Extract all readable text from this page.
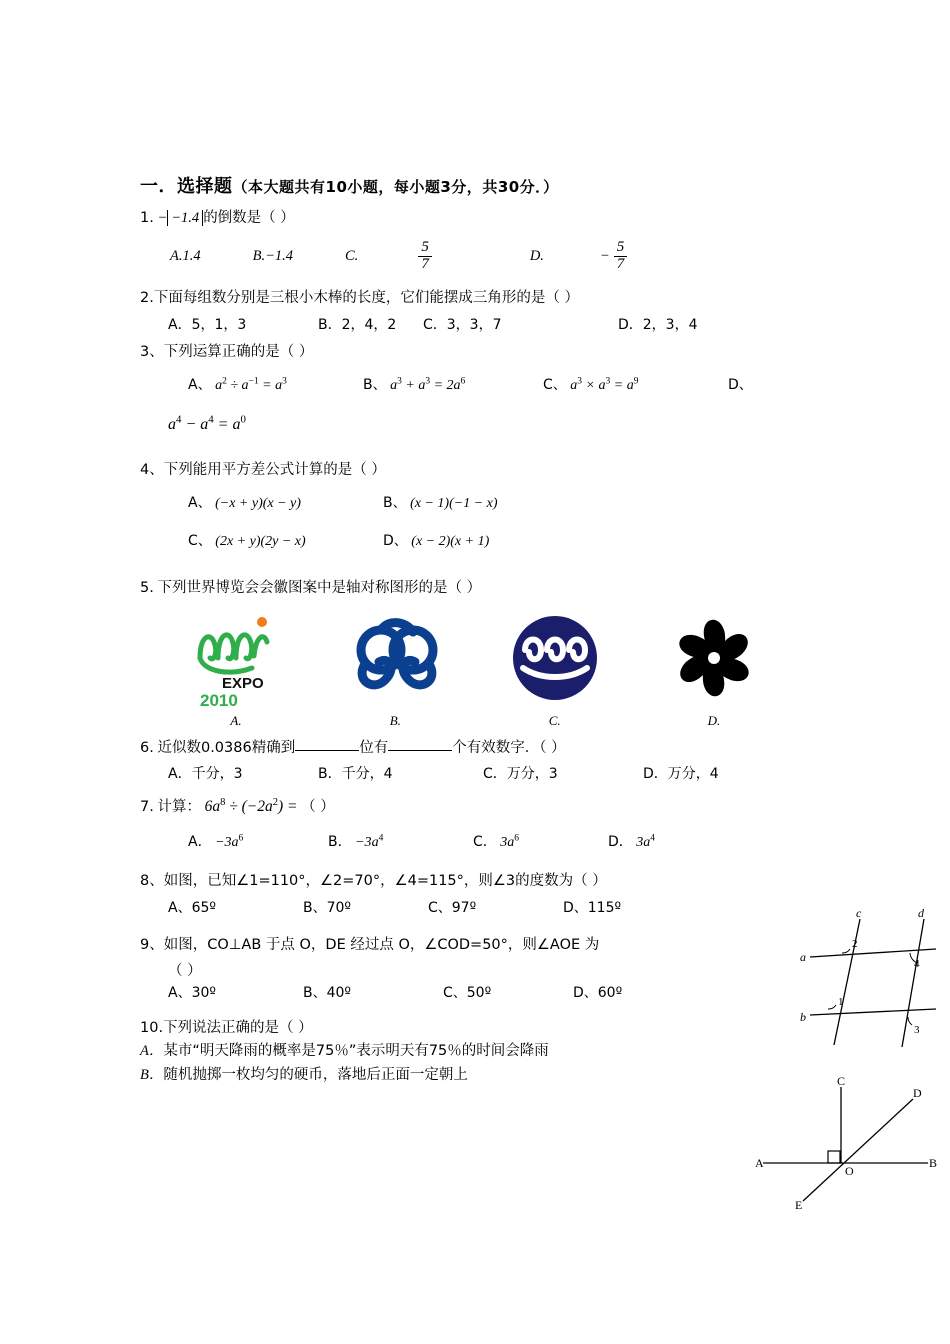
一．选择题（本大题共有10小题，每小题3分，共30分．）
1. − −1.4 的倒数是（ ）
A.1.4	B.−1.4	C.	$\frac{5}{7}$	D.	− $\frac{5}{7}$
2.下面每组数分别是三根小木棒的长度，它们能摆成三角形的是（ ）
A．5，1，3	B．2，4，2	C．3，3，7	D．2，3，4
3、下列运算正确的是（ ）
A、 $a^2 \div a^{-1} = a^3$	B、 $a^3 + a^3 = 2a^6$	C、 $a^3 \times a^3 = a^9$	D、
$a^4 - a^4 = a^0$
4、下列能用平方差公式计算的是（ ）
A、 (−x + y)(x − y)	B、 (x − 1)(−1 − x)
C、 (2x + y)(2y − x)	D、 (x − 2)(x + 1)
5. 下列世界博览会会徽图案中是轴对称图形的是（ ）
EXPO
2010
A.	B.	C.	D.
6. 近似数0.0386精确到	位有	个有效数字．（ ）
A．千分，3	B．千分，4	C．万分，3	D．万分，4
7. 计算： $6a^8 \div (-2a^2)$ = （ ）
A． $-3a^6$	B． $-3a^4$	C． $3a^6$	D． $3a^4$
8、如图，已知∠1=110°，∠2=70°，∠4=115°，则∠3的度数为（ ）
A、65º	B、70º	C、97º	D、115º
9、如图，CO⊥AB 于点 O，DE 经过点 O，∠COD=50°，则∠AOE 为
（ ）
A、30º	B、40º	C、50º	D、60º
10.下列说法正确的是（ ）
A．某市“明天降雨的概率是75％”表示明天有75％的时间会降雨
B．随机抛掷一枚均匀的硬币，落地后正面一定朝上
a
b
c	d
2
4
1
3
C
D
A	B
O
E
